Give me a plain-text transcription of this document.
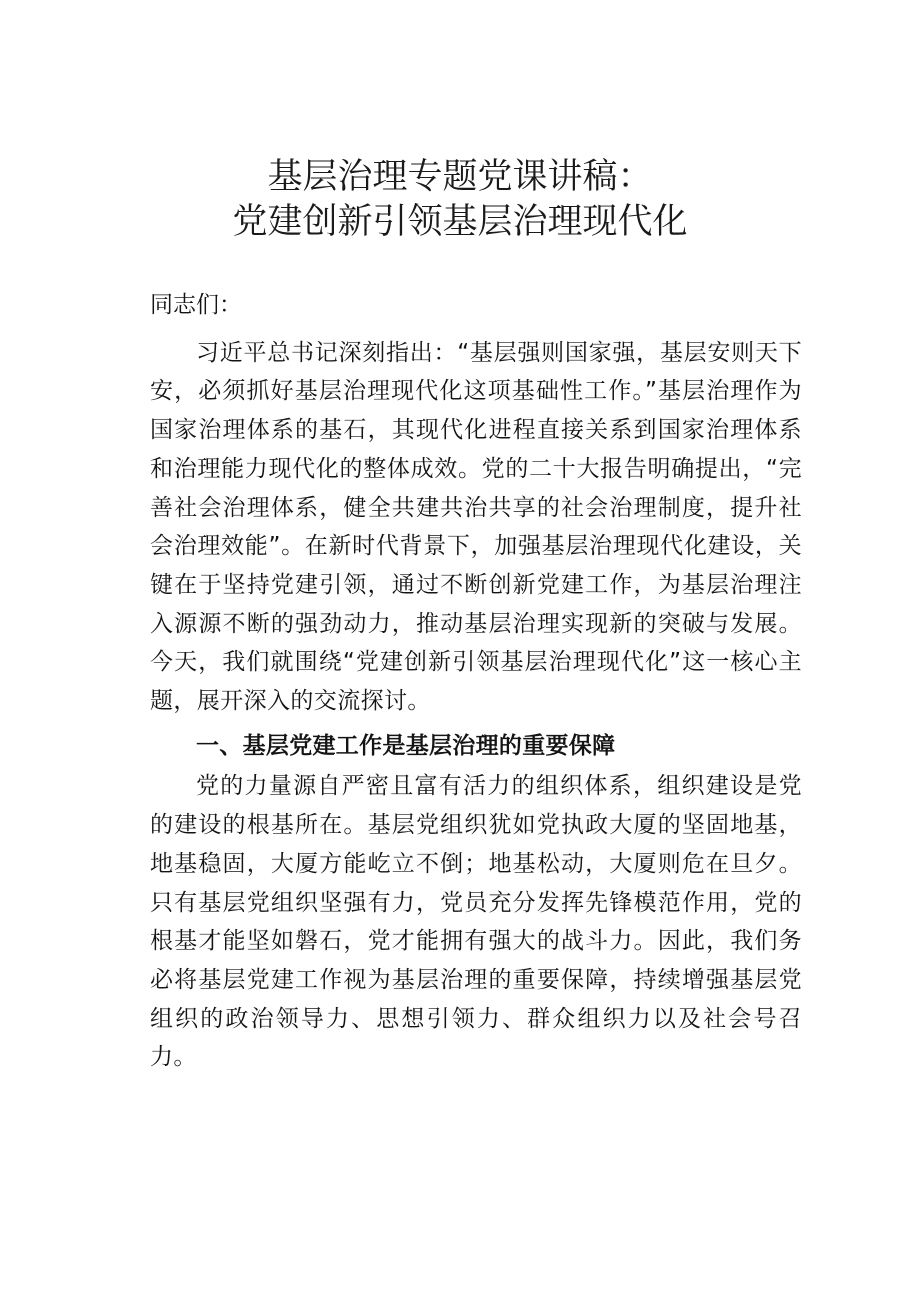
基层治理专题党课讲稿：
党建创新引领基层治理现代化

同志们：

习近平总书记深刻指出：“基层强则国家强，基层安则天下安，必须抓好基层治理现代化这项基础性工作。”基层治理作为国家治理体系的基石，其现代化进程直接关系到国家治理体系和治理能力现代化的整体成效。党的二十大报告明确提出，“完善社会治理体系，健全共建共治共享的社会治理制度，提升社会治理效能”。在新时代背景下，加强基层治理现代化建设，关键在于坚持党建引领，通过不断创新党建工作，为基层治理注入源源不断的强劲动力，推动基层治理实现新的突破与发展。今天，我们就围绕“党建创新引领基层治理现代化”这一核心主题，展开深入的交流探讨。

一、基层党建工作是基层治理的重要保障

党的力量源自严密且富有活力的组织体系，组织建设是党的建设的根基所在。基层党组织犹如党执政大厦的坚固地基，地基稳固，大厦方能屹立不倒；地基松动，大厦则危在旦夕。只有基层党组织坚强有力，党员充分发挥先锋模范作用，党的根基才能坚如磐石，党才能拥有强大的战斗力。因此，我们务必将基层党建工作视为基层治理的重要保障，持续增强基层党组织的政治领导力、思想引领力、群众组织力以及社会号召力。
